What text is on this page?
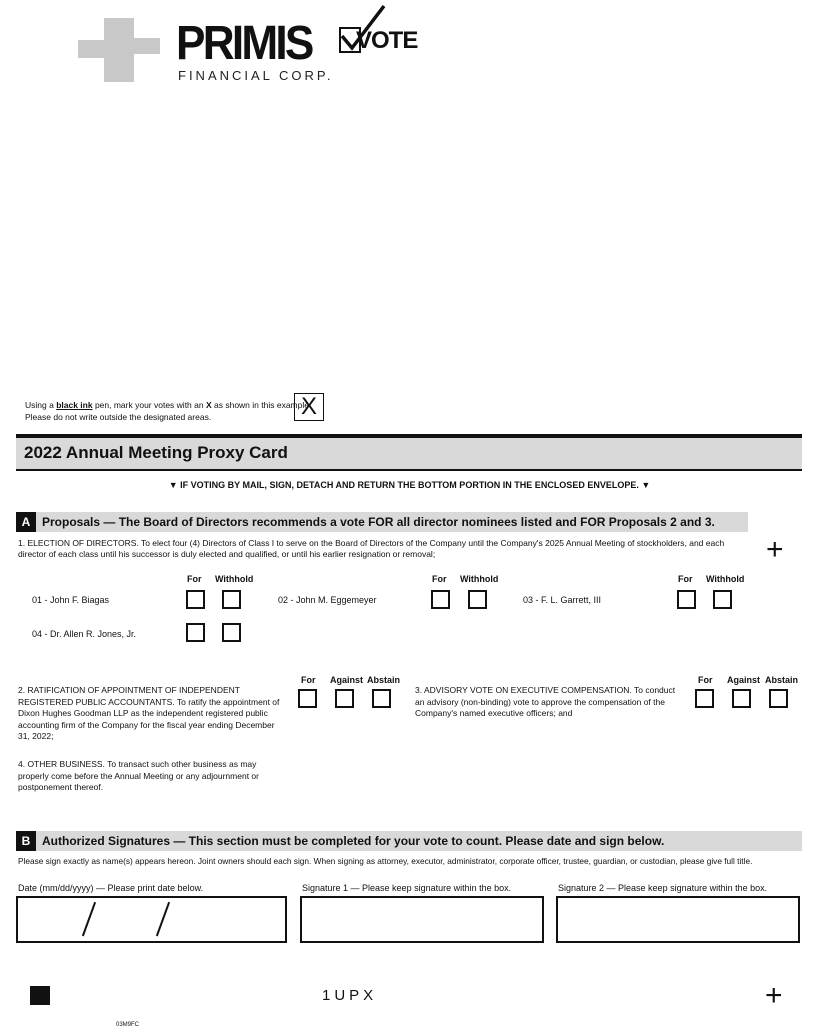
PRIMIS
FINANCIAL CORP.
VOTE
Using a black ink pen, mark your votes with an X as shown in this example.
Please do not write outside the designated areas.	X
2022 Annual Meeting Proxy Card
▼ IF VOTING BY MAIL, SIGN, DETACH AND RETURN THE BOTTOM PORTION IN THE ENCLOSED ENVELOPE. ▼
A Proposals — The Board of Directors recommends a vote FOR all director nominees listed and FOR Proposals 2 and 3.
1. ELECTION OF DIRECTORS. To elect four (4) Directors of Class I to serve on the Board of Directors of the Company until the Company's 2025 Annual Meeting of stockholders, and each director of each class until his successor is duly elected and qualified, or until his earlier resignation or removal;	+
For Withhold	For Withhold	For Withhold
01 - John F. Biagas	02 - John M. Eggemeyer	03 - F. L. Garrett, III
04 - Dr. Allen R. Jones, Jr.
2. RATIFICATION OF APPOINTMENT OF INDEPENDENT REGISTERED PUBLIC ACCOUNTANTS. To ratify the appointment of Dixon Hughes Goodman LLP as the independent registered public accounting firm of the Company for the fiscal year ending December 31, 2022;
For Against Abstain
3. ADVISORY VOTE ON EXECUTIVE COMPENSATION. To conduct an advisory (non-binding) vote to approve the compensation of the Company's named executive officers; and
For Against Abstain
4. OTHER BUSINESS. To transact such other business as may properly come before the Annual Meeting or any adjournment or postponement thereof.
B Authorized Signatures — This section must be completed for your vote to count. Please date and sign below.
Please sign exactly as name(s) appears hereon. Joint owners should each sign. When signing as attorney, executor, administrator, corporate officer, trustee, guardian, or custodian, please give full title.
Date (mm/dd/yyyy) — Please print date below.	Signature 1 — Please keep signature within the box.	Signature 2 — Please keep signature within the box.
1UPX	+
03M9FC
